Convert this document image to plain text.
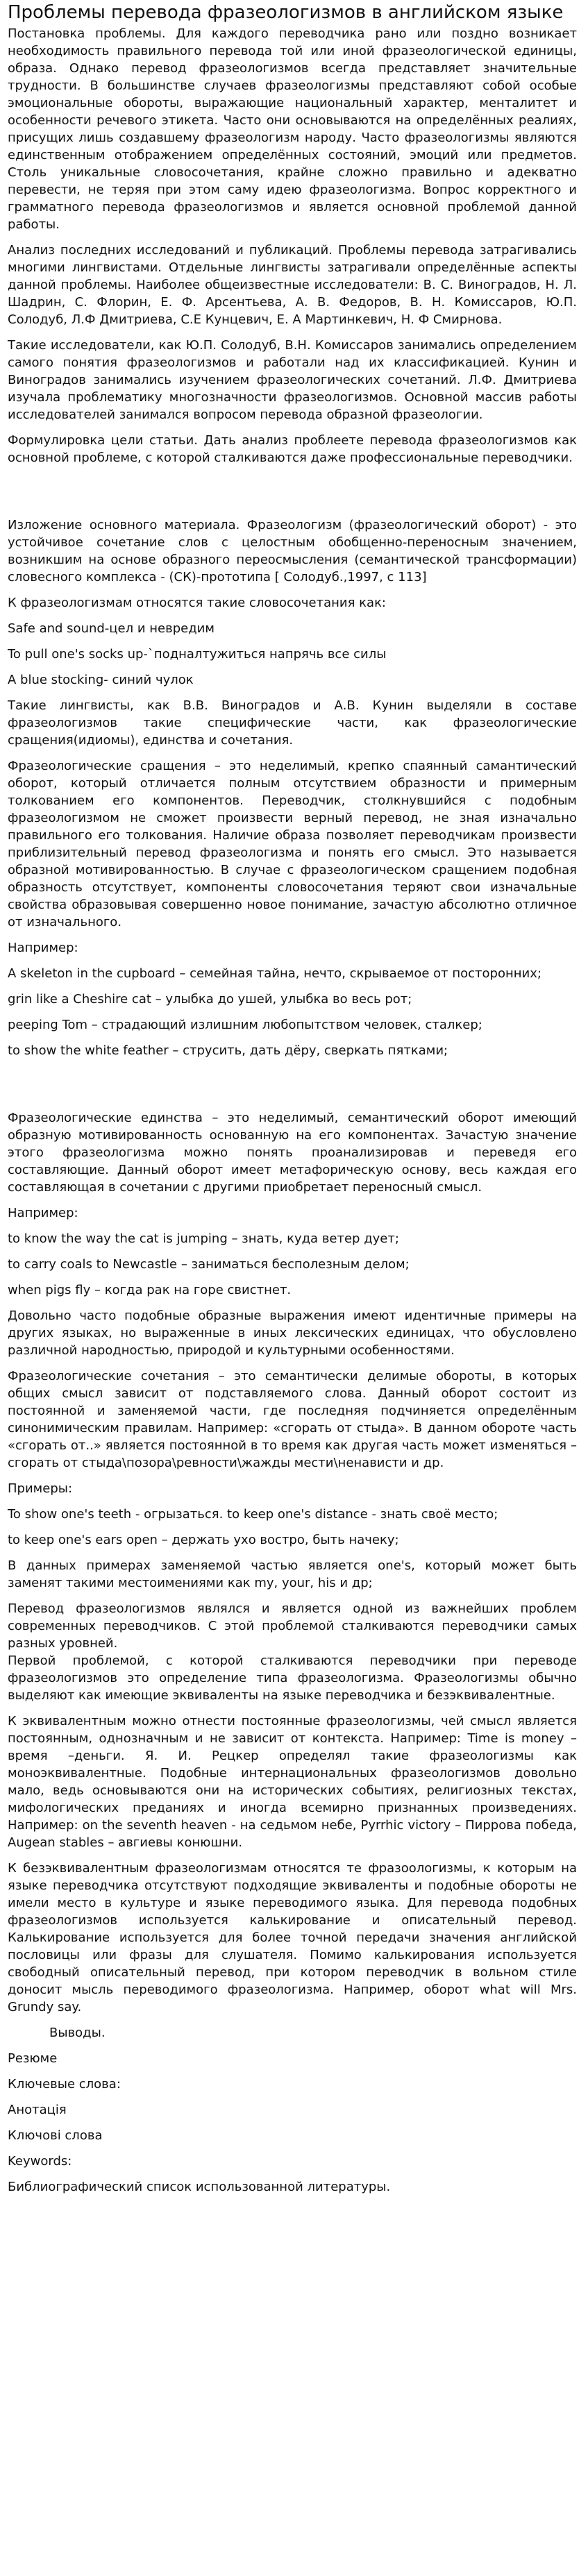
Проблемы перевода фразеологизмов в английском языке

Постановка проблемы. Для каждого переводчика рано или поздно возникает необходимость правильного перевода той или иной фразеологической единицы, образа. Однако перевод фразеологизмов всегда представляет значительные трудности. В большинстве случаев фразеологизмы представляют собой особые эмоциональные обороты, выражающие национальный характер, менталитет и особенности речевого этикета. Часто они основываются на определённых реалиях, присущих лишь создавшему фразеологизм народу. Часто фразеологизмы являются единственным отображением определённых состояний, эмоций или предметов. Столь уникальные словосочетания, крайне сложно правильно и адекватно перевести, не теряя при этом саму идею фразеологизма. Вопрос корректного и грамматного перевода фразеологизмов и является основной проблемой данной работы.

Анализ последних исследований и публикаций. Проблемы перевода затрагивались многими лингвистами. Отдельные лингвисты затрагивали определённые аспекты данной проблемы. Наиболее общеизвестные исследователи: В. С. Виноградов, Н. Л. Шадрин, С. Флорин, Е. Ф. Арсентьева, А. В. Федоров, В. Н. Комиссаров, Ю.П. Солодуб, Л.Ф Дмитриева, С.Е Кунцевич, Е. А Мартинкевич, Н. Ф Смирнова.

Такие исследователи, как Ю.П. Солодуб, В.Н. Комиссаров занимались определением самого понятия фразеологизмов и работали над их классификацией. Кунин и Виноградов занимались изучением фразеологических сочетаний. Л.Ф. Дмитриева изучала проблематику многозначности фразеологизмов. Основной массив работы исследователей занимался вопросом перевода образной фразеологии.

Формулировка цели статьи. Дать анализ проблеете перевода фразеологизмов как основной проблеме, с которой сталкиваются даже профессиональные переводчики.

Изложение основного материала. Фразеологизм (фразеологический оборот) - это устойчивое сочетание слов с целостным обобщенно-переносным значением, возникшим на основе образного переосмысления (семантической трансформации) словесного комплекса - (СК)-прототипа [ Солодуб.,1997, с 113]

К фразеологизмам относятся такие словосочетания как:

Safe and sound-цел и невредим

To pull one's socks up-`подналтужиться напрячь все силы

A blue stocking- синий чулок

Такие лингвисты, как В.В. Виноградов и А.В. Кунин выделяли в составе фразеологизмов такие специфические части, как фразеологические сращения(идиомы), единства и сочетания.

Фразеологические сращения – это неделимый, крепко спаянный самантический оборот, который отличается полным отсутствием образности и примерным толкованием его компонентов. Переводчик, столкнувшийся с подобным фразеологизмом не сможет произвести верный перевод, не зная изначально правильного его толкования. Наличие образа позволяет переводчикам произвести приблизительный перевод фразеологизма и понять его смысл. Это называется образной мотивированностью. В случае с фразеологическом сращением подобная образность отсутствует, компоненты словосочетания теряют свои изначальные свойства образовывая совершенно новое понимание, зачастую абсолютно отличное от изначального.

Например:

A skeleton in the cupboard – семейная тайна, нечто, скрываемое от посторонних;

grin like a Cheshire cat – улыбка до ушей, улыбка во весь рот;

peeping Tom – страдающий излишним любопытством человек, сталкер;

to show the white feather – струсить, дать дёру, сверкать пятками;

Фразеологические единства – это неделимый, семантический оборот имеющий образную мотивированность основанную на его компонентах. Зачастую значение этого фразеологизма можно понять проанализировав и переведя его составляющие. Данный оборот имеет метафорическую основу, весь каждая его составляющая в сочетании с другими приобретает переносный смысл.

Например:

to know the way the cat is jumping – знать, куда ветер дует;

to carry coals to Newcastle – заниматься бесполезным делом;

when pigs fly – когда рак на горе свистнет.

Довольно часто подобные образные выражения имеют идентичные примеры на других языках, но выраженные в иных лексических единицах, что обусловлено различной народностью, природой и культурными особенностями.

Фразеологические сочетания – это семантически делимые обороты, в которых общих смысл зависит от подставляемого слова. Данный оборот состоит из постоянной и заменяемой части, где последняя подчиняется определённым синонимическим правилам. Например: «сгорать от стыда». В данном обороте часть «сгорать от..» является постоянной в то время как другая часть может изменяться – сгорать от стыда\позора\ревности\жажды мести\ненависти и др.

Примеры:

To show one's teeth - огрызаться. to keep one's distance - знать своё место;

to keep one's ears open – держать ухо востро, быть начеку;

В данных примерах заменяемой частью является one's, который может быть заменят такими местоимениями как my, your, his и др;

Перевод фразеологизмов являлся и является одной из важнейших проблем современных переводчиков. С этой проблемой сталкиваются переводчики самых разных уровней.

Первой проблемой, с которой сталкиваются переводчики при переводе фразеологизмов это определение типа фразеологизма. Фразеологизмы обычно выделяют как имеющие эквиваленты на языке переводчика и безэквивалентные.

К эквивалентным можно отнести постоянные фразеологизмы, чей смысл является постоянным, однозначным и не зависит от контекста. Например: Time is money – время –деньги. Я. И. Рецкер определял такие фразеологизмы как моноэквивалентные. Подобные интернациональных фразеологизмов довольно мало, ведь основываются они на исторических событиях, религиозных текстах, мифологических преданиях и иногда всемирно признанных произведениях. Например: on the seventh heaven - на седьмом небе, Pyrrhic victory – Пиррова победа, Augean stables – авгиевы конюшни.

К безэквивалентным фразеологизмам относятся те фразоологизмы, к которым на языке переводчика отсутствуют подходящие эквиваленты и подобные обороты не имели место в культуре и языке переводимого языка. Для перевода подобных фразеологизмов используется калькирование и описательный перевод. Калькирование используется для более точной передачи значения английской пословицы или фразы для слушателя. Помимо калькирования используется свободный описательный перевод, при котором переводчик в вольном стиле доносит мысль переводимого фразеологизма. Например, оборот what will Mrs. Grundy say.

Выводы.

Резюме

Ключевые слова:

Анотація

Ключові слова

Keywords:

Библиографический список использованной литературы.
